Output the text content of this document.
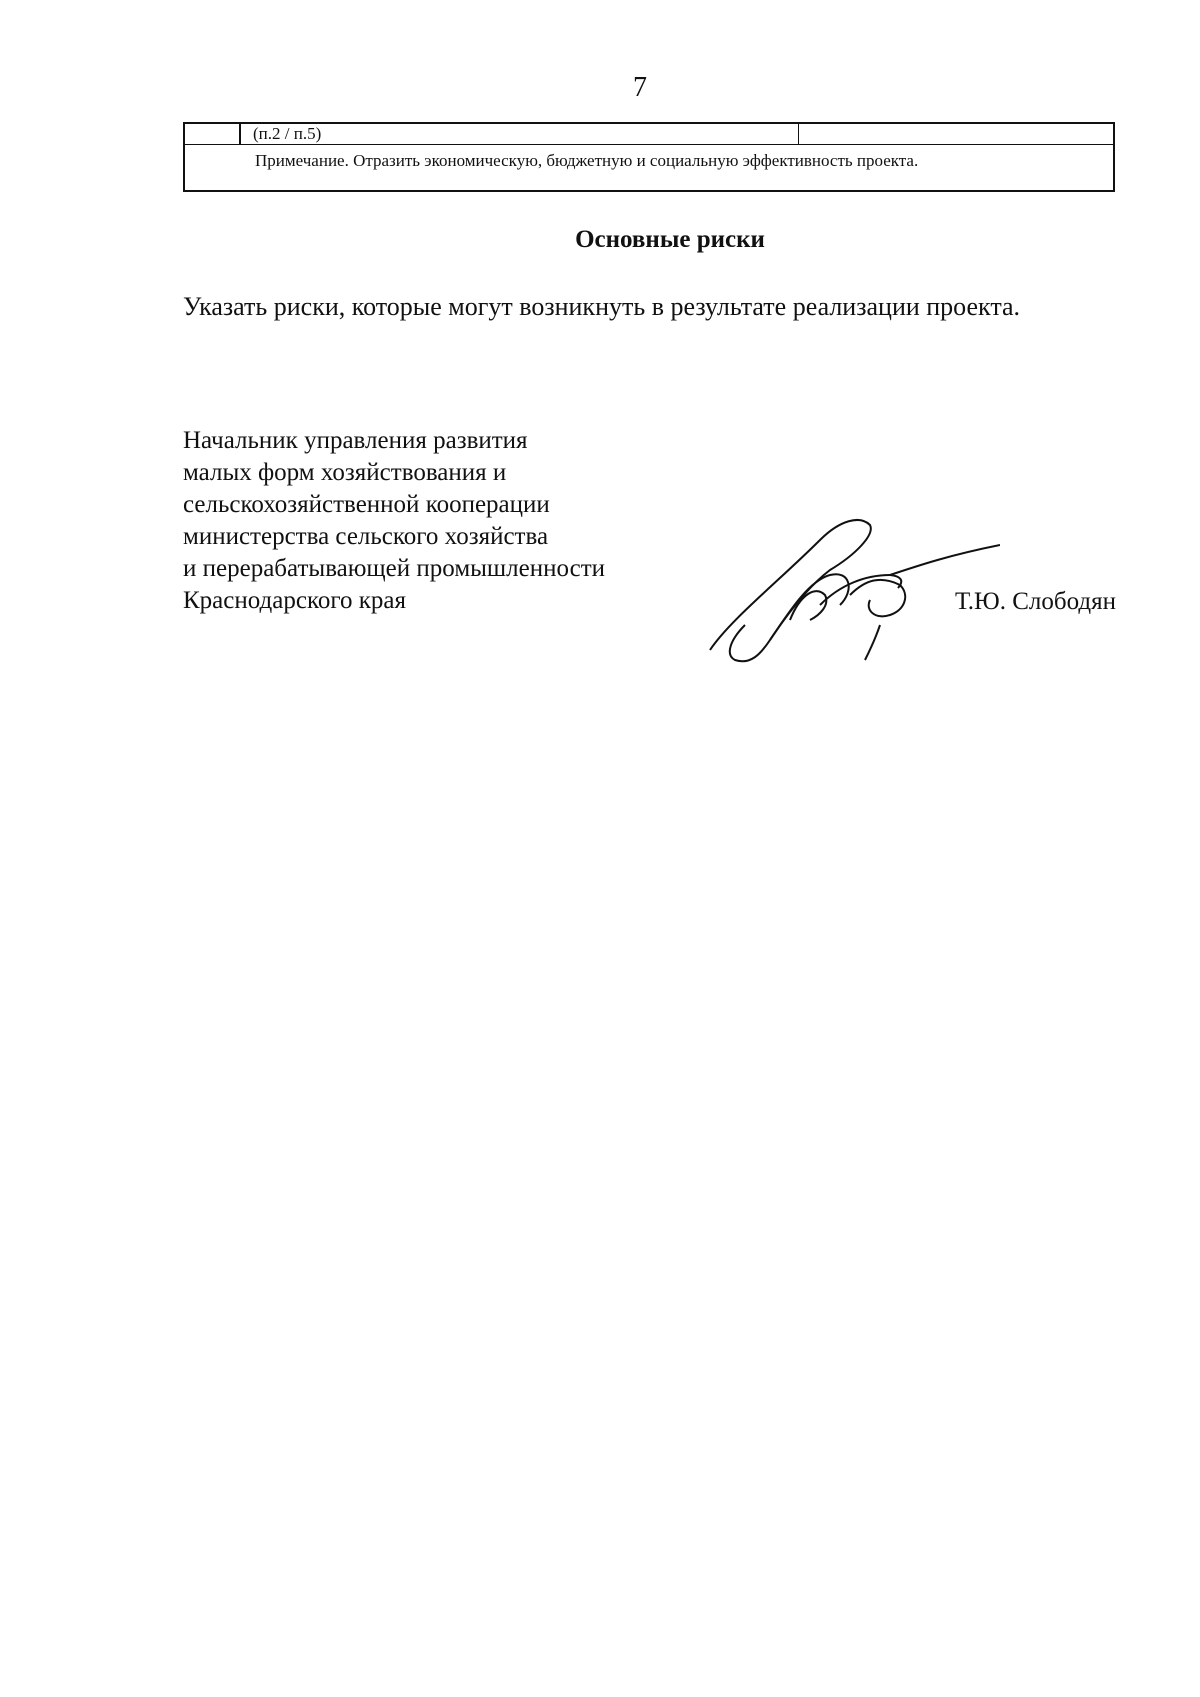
7
(п.2 / п.5)
Примечание. Отразить экономическую, бюджетную и социальную эффективность проекта.
Основные риски
Указать риски, которые могут возникнуть в результате реализации проекта.
Начальник управления развития
малых форм хозяйствования и
сельскохозяйственной кооперации
министерства сельского хозяйства
и перерабатывающей промышленности
Краснодарского края	Т.Ю. Слободян
